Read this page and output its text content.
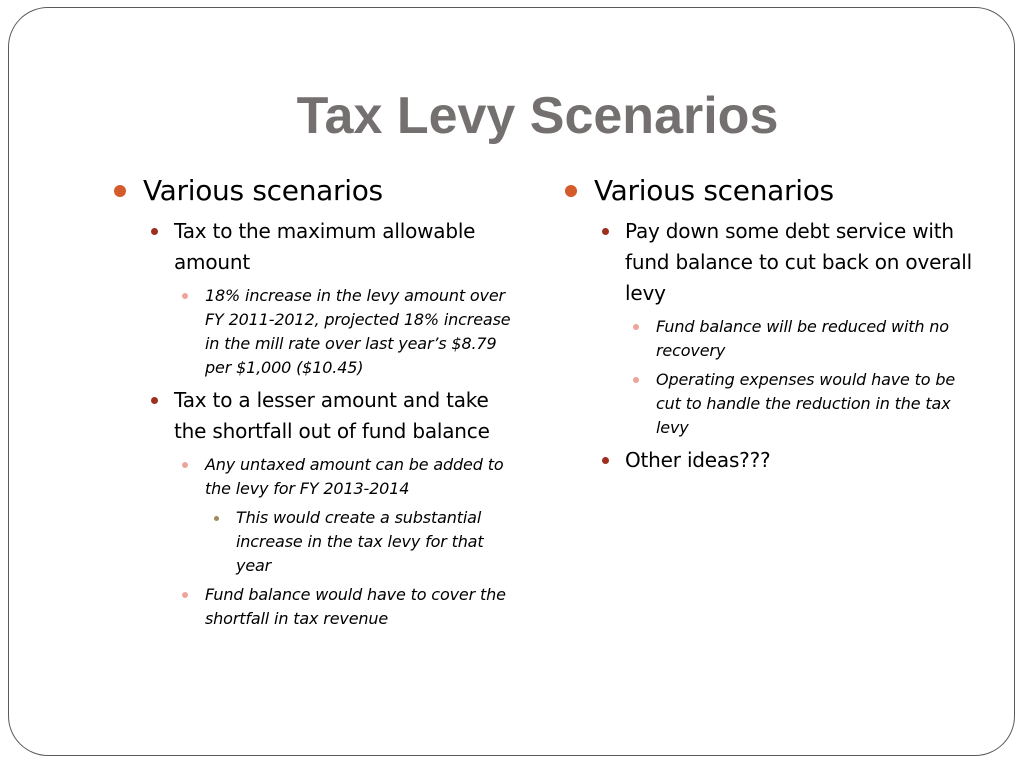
Tax Levy Scenarios
Various scenarios
Tax to the maximum allowable amount
18% increase in the levy amount over FY 2011-2012, projected 18% increase in the mill rate over last year’s $8.79 per $1,000 ($10.45)
Tax to a lesser amount and take the shortfall out of fund balance
Any untaxed amount can be added to the levy for FY 2013-2014
This would create a substantial increase in the tax levy for that year
Fund balance would have to cover the shortfall in tax revenue
Various scenarios
Pay down some debt service with fund balance to cut back on overall levy
Fund balance will be reduced with no recovery
Operating expenses would have to be cut to handle the reduction in the tax levy
Other ideas???
